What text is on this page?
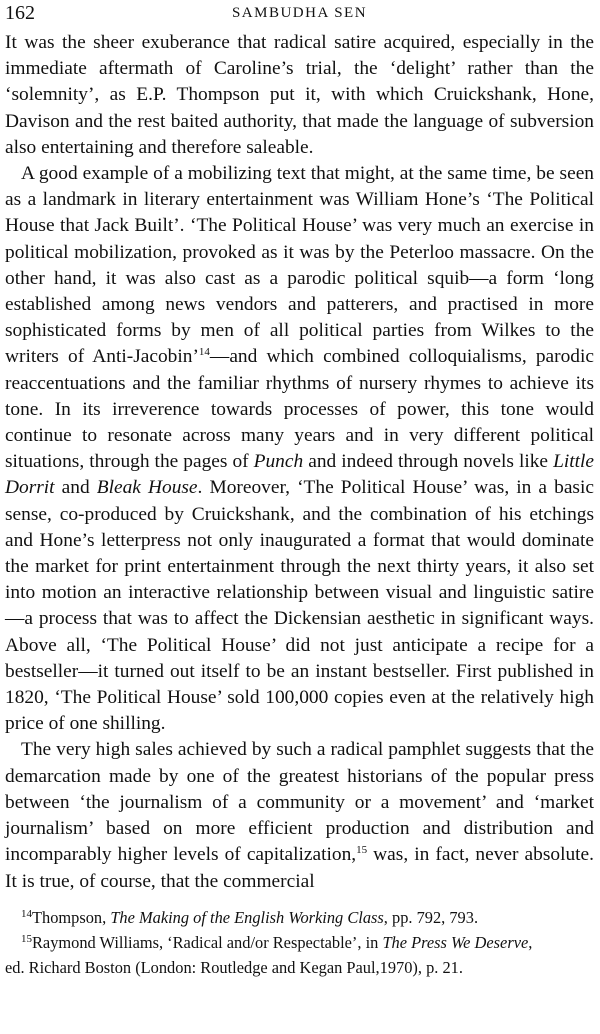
162	SAMBUDHA SEN

It was the sheer exuberance that radical satire acquired, especially in the immediate aftermath of Caroline’s trial, the ‘delight’ rather than the ‘solemnity’, as E.P. Thompson put it, with which Cruickshank, Hone, Davison and the rest baited authority, that made the language of subversion also entertaining and therefore saleable.

A good example of a mobilizing text that might, at the same time, be seen as a landmark in literary entertainment was William Hone’s ‘The Political House that Jack Built’. ‘The Political House’ was very much an exercise in political mobilization, provoked as it was by the Peterloo massacre. On the other hand, it was also cast as a parodic political squib—a form ‘long established among news vendors and patterers, and practised in more sophisticated forms by men of all political parties from Wilkes to the writers of Anti-Jacobin’$^{14}$—and which combined colloquialisms, parodic reaccentuations and the familiar rhythms of nursery rhymes to achieve its tone. In its irreverence towards processes of power, this tone would continue to resonate across many years and in very different political situations, through the pages of Punch and indeed through novels like Little Dorrit and Bleak House. Moreover, ‘The Political House’ was, in a basic sense, co-produced by Cruickshank, and the combination of his etchings and Hone’s letterpress not only inaugurated a format that would dominate the market for print entertainment through the next thirty years, it also set into motion an interactive relationship between visual and linguistic satire—a process that was to affect the Dickensian aesthetic in significant ways. Above all, ‘The Political House’ did not just anticipate a recipe for a bestseller—it turned out itself to be an instant bestseller. First published in 1820, ‘The Political House’ sold 100,000 copies even at the relatively high price of one shilling.

The very high sales achieved by such a radical pamphlet suggests that the demarcation made by one of the greatest historians of the popular press between ‘the journalism of a community or a movement’ and ‘market journalism’ based on more efficient production and distribution and incomparably higher levels of capitalization,$^{15}$ was, in fact, never absolute. It is true, of course, that the commercial

$^{14}$Thompson, The Making of the English Working Class, pp. 792, 793.

$^{15}$Raymond Williams, ‘Radical and/or Respectable’, in The Press We Deserve,

ed. Richard Boston (London: Routledge and Kegan Paul,1970), p. 21.
